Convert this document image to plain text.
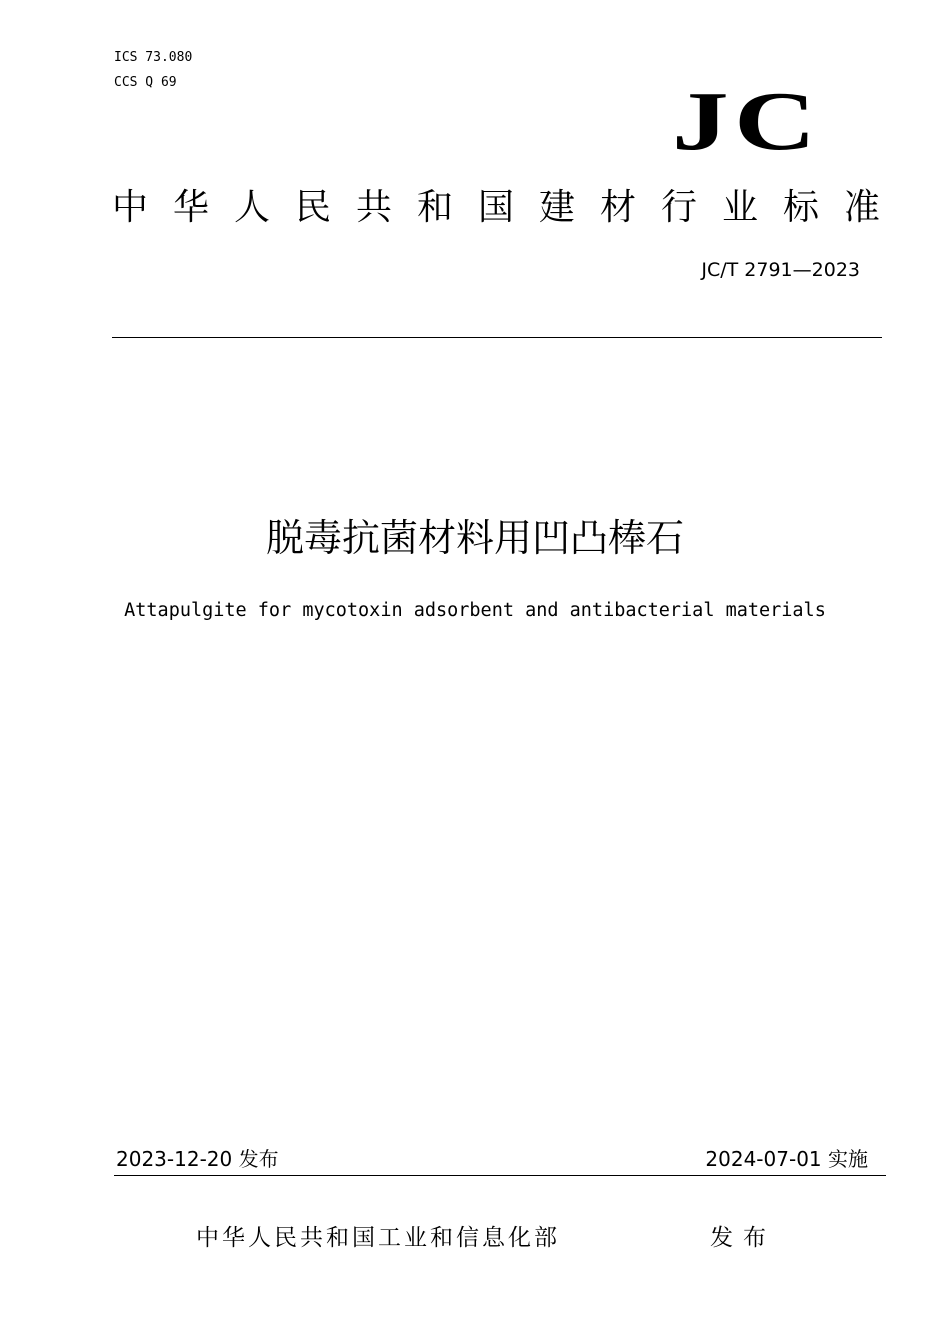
ICS 73.080
CCS Q 69	JC
中华人民共和国建材行业标准
JC/T 2791—2023
脱毒抗菌材料用凹凸棒石
Attapulgite for mycotoxin adsorbent and antibacterial materials
2023-12-20 发布	2024-07-01 实施
中华人民共和国工业和信息化部	发布
